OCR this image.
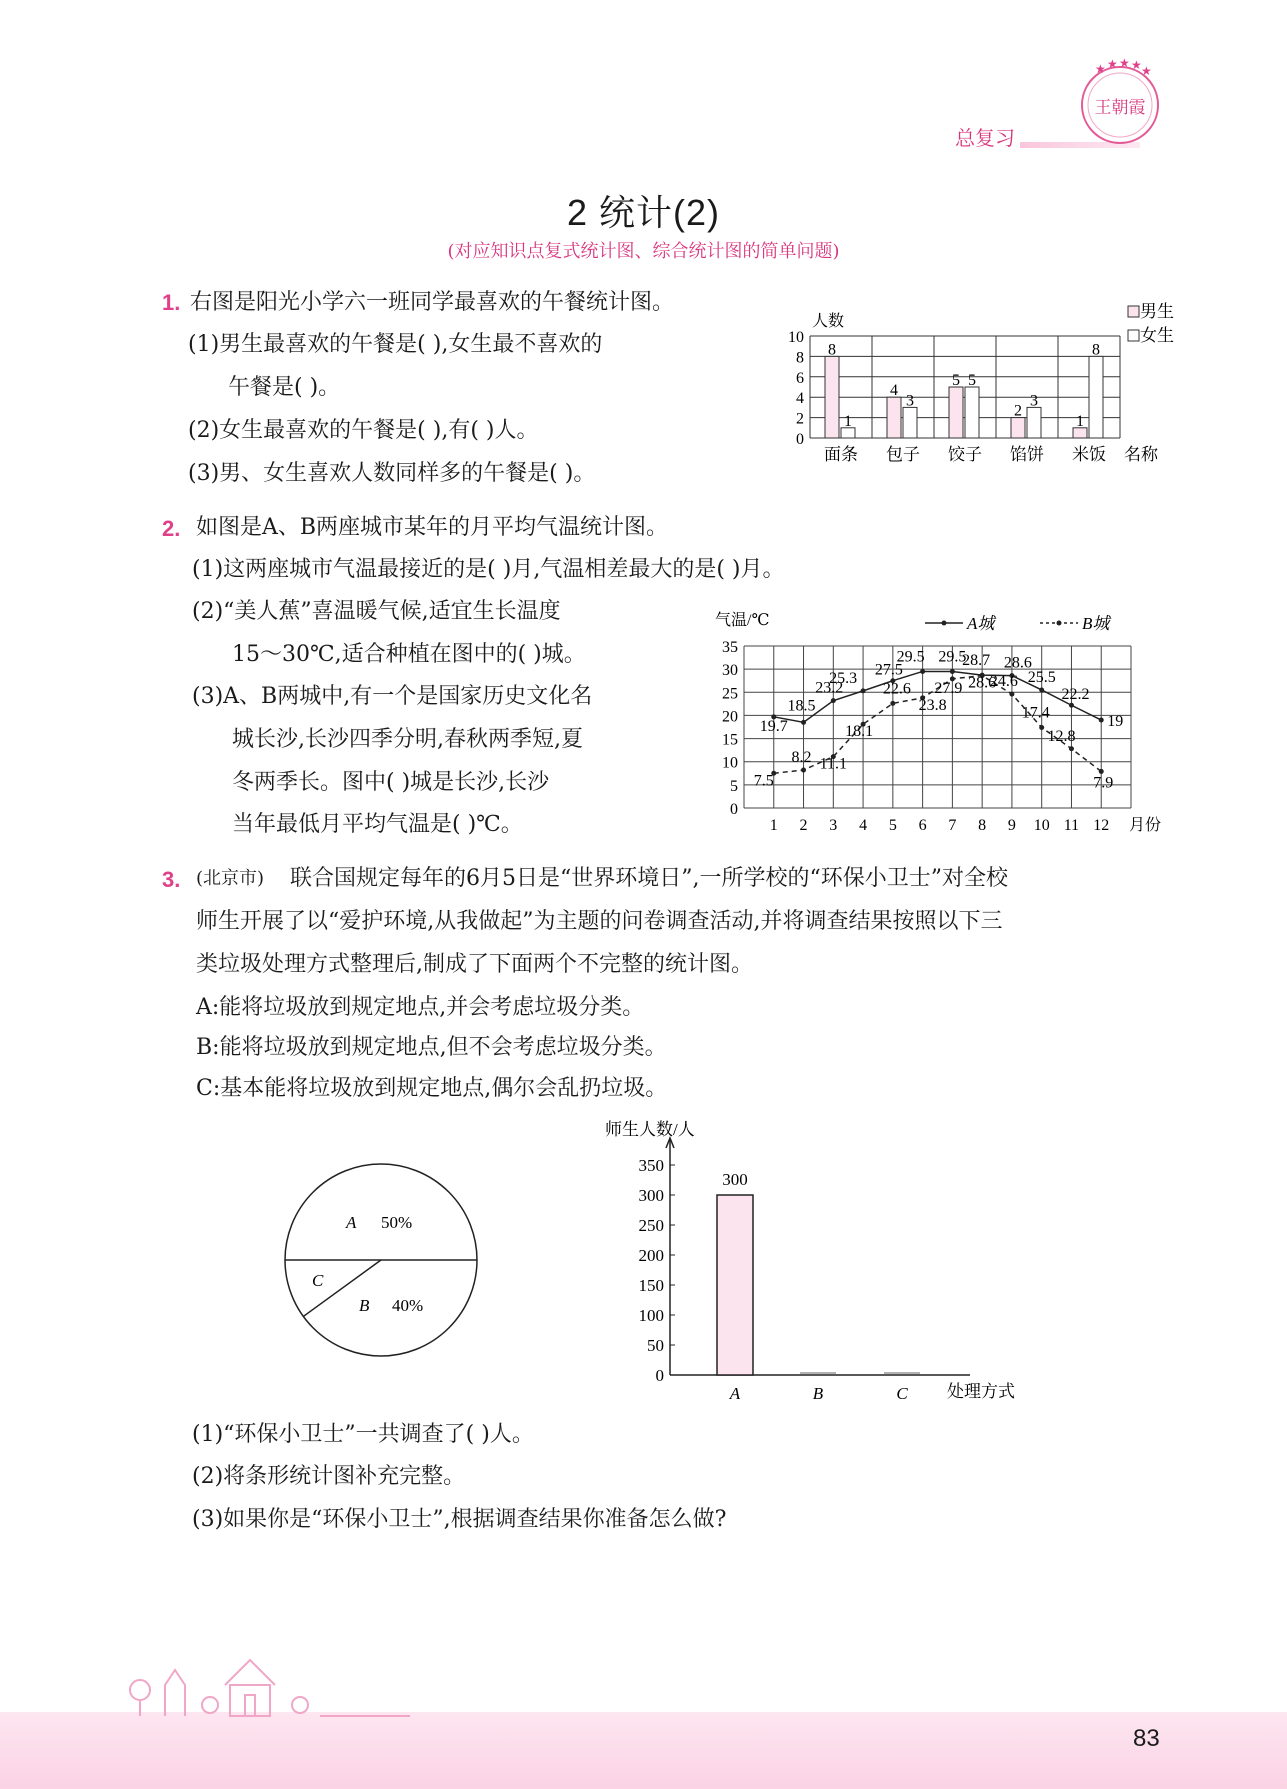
总复习
★ ★ ★ ★ ★
王朝霞
2 统计(2)
(对应知识点复式统计图、综合统计图的简单问题)
1. 右图是阳光小学六一班同学最喜欢的午餐统计图。
(1)男生最喜欢的午餐是( ),女生最不喜欢的
午餐是( )。
(2)女生最喜欢的午餐是( ),有( )人。
(3)男、女生喜欢人数同样多的午餐是( )。
0
2
4
6
8
10
人数
面条
8
1
包子
4
3
饺子
5 5
馅饼
2
3
米饭
1
8
名称
男生
女生
2. 如图是A、B两座城市某年的月平均气温统计图。
(1)这两座城市气温最接近的是( )月,气温相差最大的是( )月。
(2)“美人蕉”喜温暖气候,适宜生长温度
15～30℃,适合种植在图中的( )城。
(3)A、B两城中,有一个是国家历史文化名
城长沙,长沙四季分明,春秋两季短,夏
冬两季长。图中( )城是长沙,长沙
当年最低月平均气温是( )℃。
0
5
10
15
20
25
30
35
气温/℃
1 2 3 4 5 6 7 8 9 10 11 12 月份
19.7
18.5
23.2
25.3 27.5
29.5 29.5
28.7 28.6
25.5
22.2
19
7.5
8.2 11.1
18.1
22.6
23.8
27.9 28.6
24.6
17.4
12.8
7.9
A城	B城
3. (北京市) 联合国规定每年的6月5日是“世界环境日”,一所学校的“环保小卫士”对全校
师生开展了以“爱护环境,从我做起”为主题的问卷调查活动,并将调查结果按照以下三
类垃圾处理方式整理后,制成了下面两个不完整的统计图。
A:能将垃圾放到规定地点,并会考虑垃圾分类。
B:能将垃圾放到规定地点,但不会考虑垃圾分类。
C:基本能将垃圾放到规定地点,偶尔会乱扔垃圾。
A 50%
B 40%
C
师生人数/人
0
50
100
150
200
250
300
350
300
A	B	C 处理方式
(1)“环保小卫士”一共调查了( )人。
(2)将条形统计图补充完整。
(3)如果你是“环保小卫士”,根据调查结果你准备怎么做?
83
